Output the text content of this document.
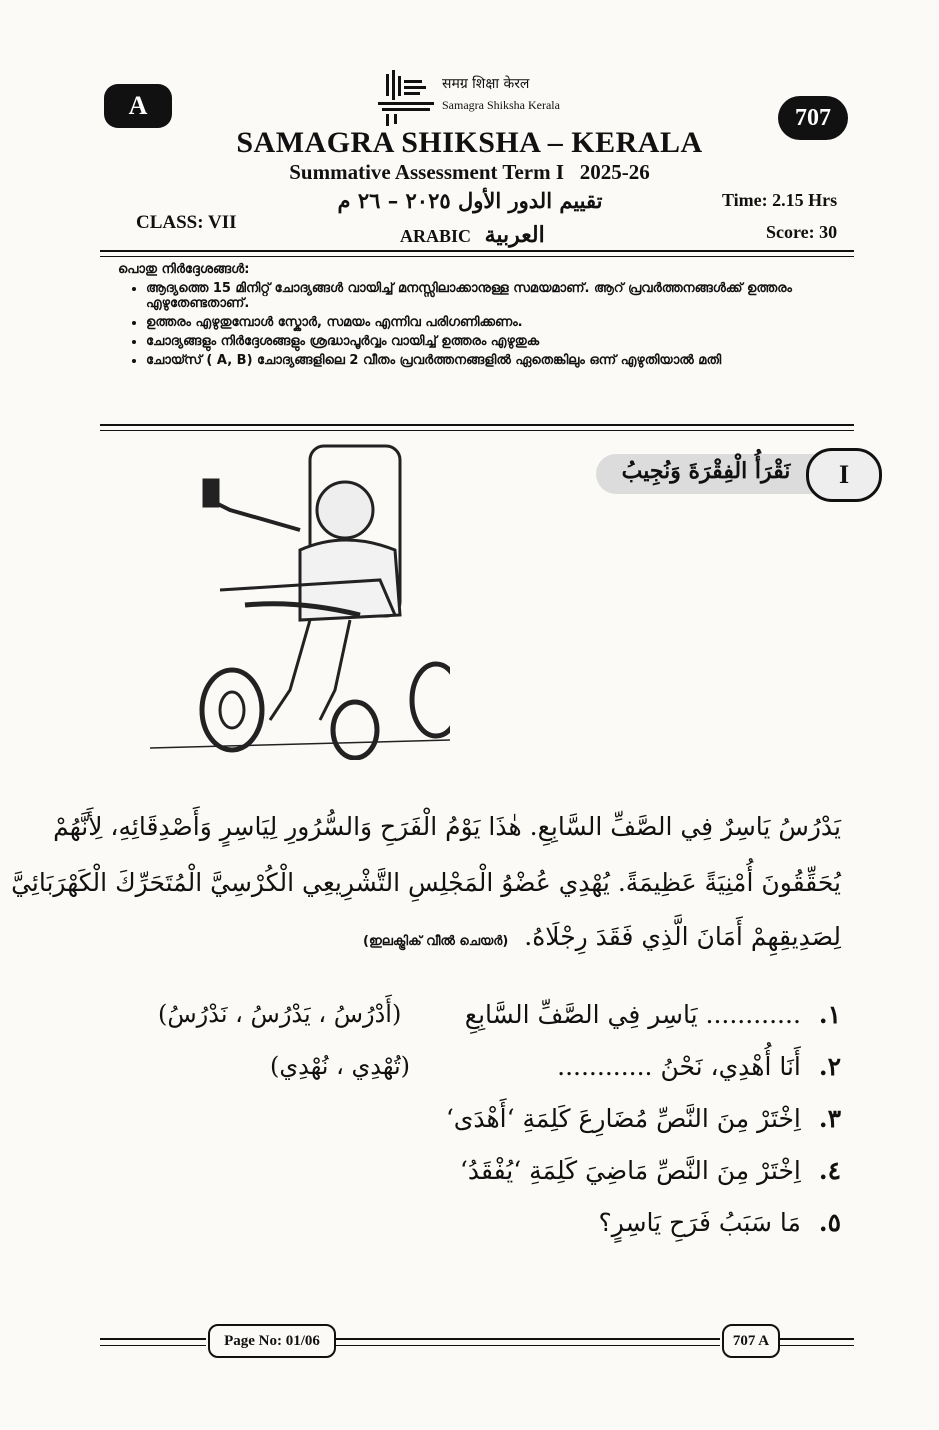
A	707
समग्र शिक्षा केरल
Samagra Shiksha Kerala
SAMAGRA SHIKSHA – KERALA
Summative Assessment Term I   2025-26
تقييم الدور الأول ٢٠٢٥ – ٢٦ م	Time: 2.15 Hrs
CLASS: VII
ARABIC العربية	Score: 30
പൊതു നിർദ്ദേശങ്ങൾ:
• ആദ്യത്തെ 15 മിനിറ്റ് ചോദ്യങ്ങൾ വായിച്ച് മനസ്സിലാക്കാനുള്ള സമയമാണ്. ആറ് പ്രവർത്തനങ്ങൾക്ക് ഉത്തരം എഴുതേണ്ടതാണ്.
• ഉത്തരം എഴുതുമ്പോൾ സ്കോർ, സമയം എന്നിവ പരിഗണിക്കണം.
• ചോദ്യങ്ങളും നിർദ്ദേശങ്ങളും ശ്രദ്ധാപൂർവ്വം വായിച്ച് ഉത്തരം എഴുതുക
• ചോയ്സ് ( A, B) ചോദ്യങ്ങളിലെ 2 വീതം പ്രവർത്തനങ്ങളിൽ ഏതെങ്കിലും ഒന്ന് എഴുതിയാൽ മതി
نَقْرَأُ الْفِقْرَةَ وَنُجِيبُ	I
يَدْرُسُ يَاسِرٌ فِي الصَّفِّ السَّابِعِ. هٰذَا يَوْمُ الْفَرَحِ وَالسُّرُورِ لِيَاسِرٍ وَأَصْدِقَائِهِ، لِأَنَّهُمْ
يُحَقِّقُونَ أُمْنِيَةً عَظِيمَةً. يُهْدِي عُضْوُ الْمَجْلِسِ التَّشْرِيعِي الْكُرْسِيَّ الْمُتَحَرِّكَ الْكَهْرَبَائِيَّ
لِصَدِيقِهِمْ أَمَانَ الَّذِي فَقَدَ رِجْلَاهُ. (ഇലക്ട്രിക് വീൽ ചെയർ)
١. ............ يَاسِر فِي الصَّفِّ السَّابِعِ
(أَدْرُسُ ، يَدْرُسُ ، نَدْرُسُ)
٢. أَنَا أُهْدِي، نَحْنُ ............
(تُهْدِي ، نُهْدِي)
٣. اِخْتَرْ مِنَ النَّصِّ مُضَارِعَ كَلِمَةِ ‘أَهْدَى‘
٤. اِخْتَرْ مِنَ النَّصِّ مَاضِيَ كَلِمَةِ ‘يُفْقَدُ‘
٥. مَا سَبَبُ فَرَحِ يَاسِرٍ؟
Page No: 01/06	707 A
